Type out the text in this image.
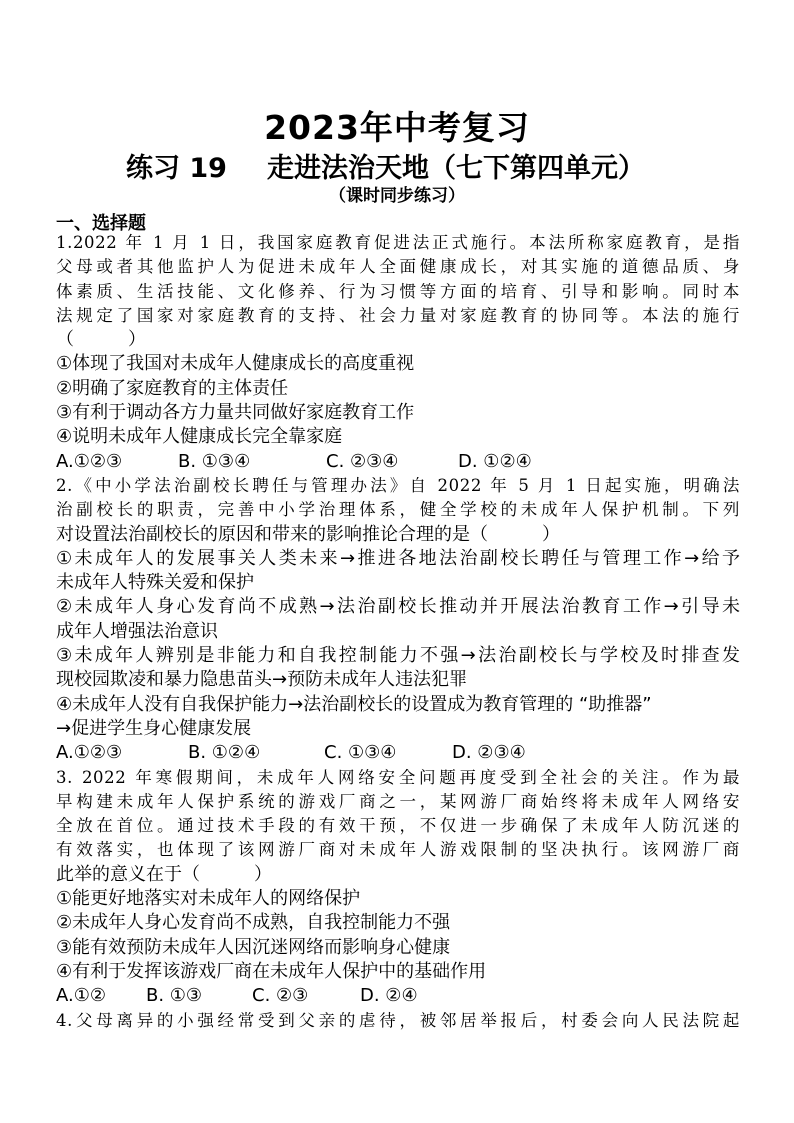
2023年中考复习
练习 19 走进法治天地（七下第四单元）
（课时同步练习）
一、选择题
1.2022 年 1 月 1 日，我国家庭教育促进法正式施行。本法所称家庭教育，是指
父母或者其他监护人为促进未成年人全面健康成长，对其实施的道德品质、身
体素质、生活技能、文化修养、行为习惯等方面的培育、引导和影响。同时本
法规定了国家对家庭教育的支持、社会力量对家庭教育的协同等。本法的施行
（　　　）
①体现了我国对未成年人健康成长的高度重视
②明确了家庭教育的主体责任
③有利于调动各方力量共同做好家庭教育工作
④说明未成年人健康成长完全靠家庭
A.①②③	B. ①③④	C. ②③④	D. ①②④
2.《中小学法治副校长聘任与管理办法》自 2022 年 5 月 1 日起实施，明确法
治副校长的职责，完善中小学治理体系，健全学校的未成年人保护机制。下列
对设置法治副校长的原因和带来的影响推论合理的是（　　　）
①未成年人的发展事关人类未来→推进各地法治副校长聘任与管理工作→给予
未成年人特殊关爱和保护
②未成年人身心发育尚不成熟→法治副校长推动并开展法治教育工作→引导未
成年人增强法治意识
③未成年人辨别是非能力和自我控制能力不强→法治副校长与学校及时排查发
现校园欺凌和暴力隐患苗头→预防未成年人违法犯罪
④未成年人没有自我保护能力→法治副校长的设置成为教育管理的 “助推器”
→促进学生身心健康发展
A.①②③	B. ①②④	C. ①③④	D. ②③④
3. 2022 年寒假期间，未成年人网络安全问题再度受到全社会的关注。作为最
早构建未成年人保护系统的游戏厂商之一，某网游厂商始终将未成年人网络安
全放在首位。通过技术手段的有效干预，不仅进一步确保了未成年人防沉迷的
有效落实，也体现了该网游厂商对未成年人游戏限制的坚决执行。该网游厂商
此举的意义在于（　　　）
①能更好地落实对未成年人的网络保护
②未成年人身心发育尚不成熟，自我控制能力不强
③能有效预防未成年人因沉迷网络而影响身心健康
④有利于发挥该游戏厂商在未成年人保护中的基础作用
A.①② B. ①③	C. ②③	D. ②④
4.父母离异的小强经常受到父亲的虐待，被邻居举报后，村委会向人民法院起
